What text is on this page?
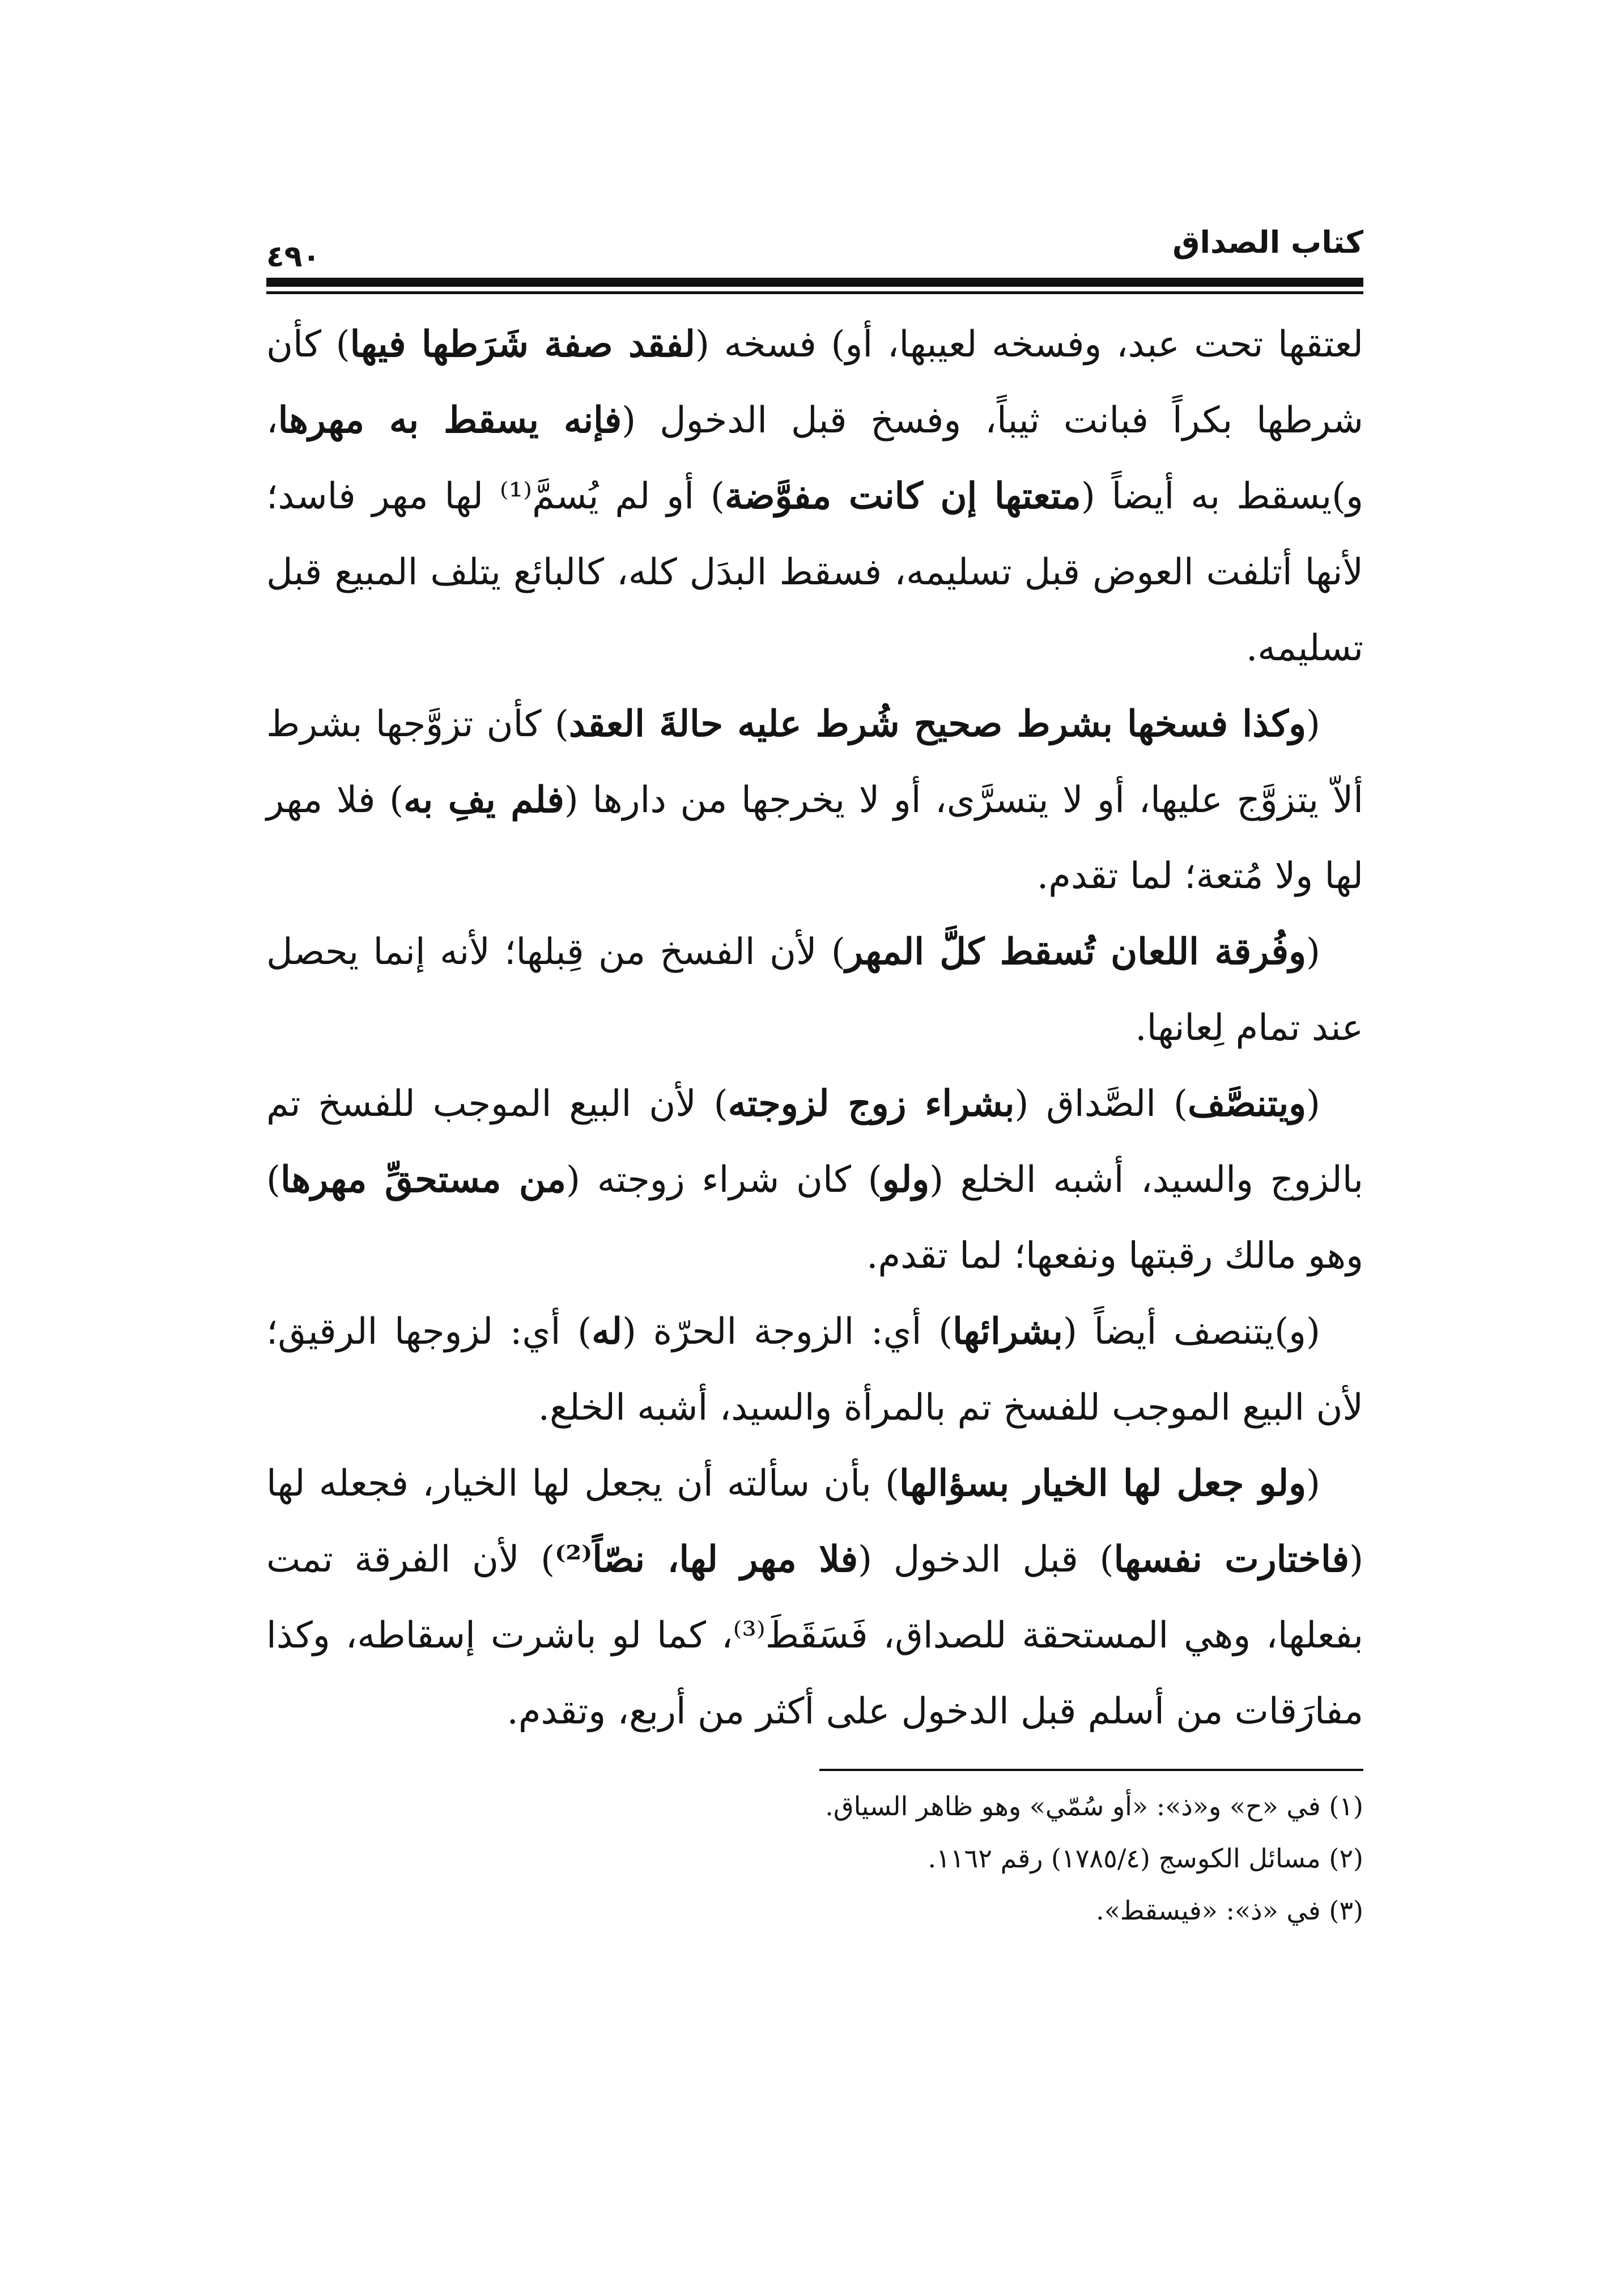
كتاب الصداق
٤٩٠

لعتقها تحت عبد، وفسخه لعيبها، أو) فسخه (لفقد صفة شَرَطها فيها) كأن شرطها بكراً فبانت ثيباً، وفسخ قبل الدخول (فإنه يسقط به مهرها، و)يسقط به أيضاً (متعتها إن كانت مفوَّضة) أو لم يُسمَّ⁽¹⁾ لها مهر فاسد؛ لأنها أتلفت العوض قبل تسليمه، فسقط البدَل كله، كالبائع يتلف المبيع قبل تسليمه.

(وكذا فسخها بشرط صحيح شُرط عليه حالةَ العقد) كأن تزوَّجها بشرط ألاّ يتزوَّج عليها، أو لا يتسرَّى، أو لا يخرجها من دارها (فلم يفِ به) فلا مهر لها ولا مُتعة؛ لما تقدم.

(وفُرقة اللعان تُسقط كلَّ المهر) لأن الفسخ من قِبلها؛ لأنه إنما يحصل عند تمام لِعانها.

(ويتنصَّف) الصَّداق (بشراء زوج لزوجته) لأن البيع الموجب للفسخ تم بالزوج والسيد، أشبه الخلع (ولو) كان شراء زوجته (من مستحقِّ مهرها) وهو مالك رقبتها ونفعها؛ لما تقدم.

(و)يتنصف أيضاً (بشرائها) أي: الزوجة الحرّة (له) أي: لزوجها الرقيق؛ لأن البيع الموجب للفسخ تم بالمرأة والسيد، أشبه الخلع.

(ولو جعل لها الخيار بسؤالها) بأن سألته أن يجعل لها الخيار، فجعله لها (فاختارت نفسها) قبل الدخول (فلا مهر لها، نصّاً⁽²⁾) لأن الفرقة تمت بفعلها، وهي المستحقة للصداق، فَسَقَطَ⁽³⁾، كما لو باشرت إسقاطه، وكذا مفارَقات من أسلم قبل الدخول على أكثر من أربع، وتقدم.

(١) في «ح» و«ذ»: «أو سُمّي» وهو ظاهر السياق.

(٢) مسائل الكوسج (١٧٨٥/٤) رقم ١١٦٢.

(٣) في «ذ»: «فيسقط».
